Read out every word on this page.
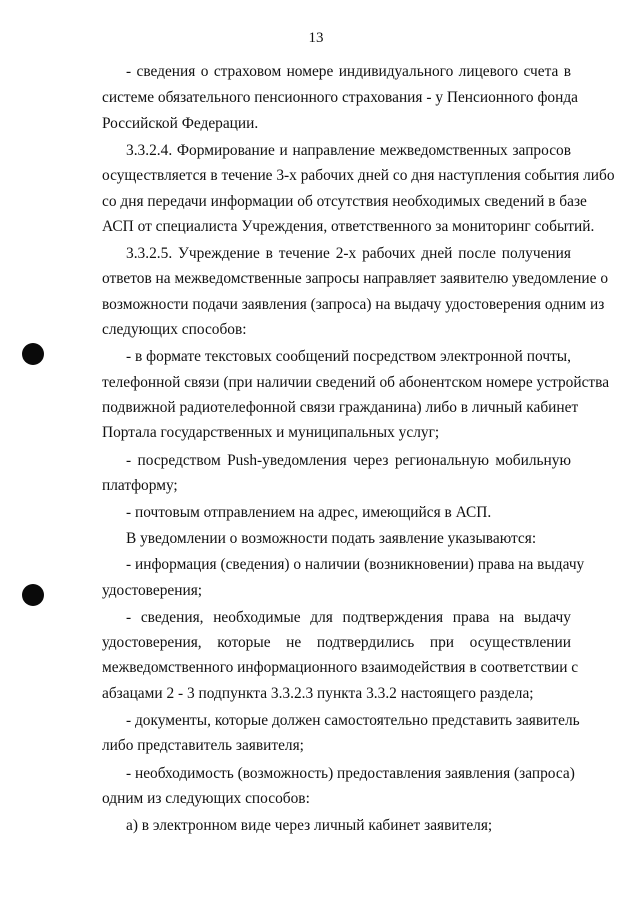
13
- сведения о страховом номере индивидуального лицевого счета в
системе обязательного пенсионного страхования - у Пенсионного фонда
Российской Федерации.
3.3.2.4. Формирование и направление межведомственных запросов
осуществляется в течение 3-х рабочих дней со дня наступления события либо
со дня передачи информации об отсутствия необходимых сведений в базе
АСП от специалиста Учреждения, ответственного за мониторинг событий.
3.3.2.5. Учреждение в течение 2-х рабочих дней после получения
ответов на межведомственные запросы направляет заявителю уведомление о
возможности подачи заявления (запроса) на выдачу удостоверения одним из
следующих способов:
- в формате текстовых сообщений посредством электронной почты,
телефонной связи (при наличии сведений об абонентском номере устройства
подвижной радиотелефонной связи гражданина) либо в личный кабинет
Портала государственных и муниципальных услуг;
- посредством Push-уведомления через региональную мобильную
платформу;
- почтовым отправлением на адрес, имеющийся в АСП.
В уведомлении о возможности подать заявление указываются:
- информация (сведения) о наличии (возникновении) права на выдачу
удостоверения;
- сведения, необходимые для подтверждения права на выдачу
удостоверения, которые не подтвердились при осуществлении
межведомственного информационного взаимодействия в соответствии с
абзацами 2 - 3 подпункта 3.3.2.3 пункта 3.3.2 настоящего раздела;
- документы, которые должен самостоятельно представить заявитель
либо представитель заявителя;
- необходимость (возможность) предоставления заявления (запроса)
одним из следующих способов:
а) в электронном виде через личный кабинет заявителя;
